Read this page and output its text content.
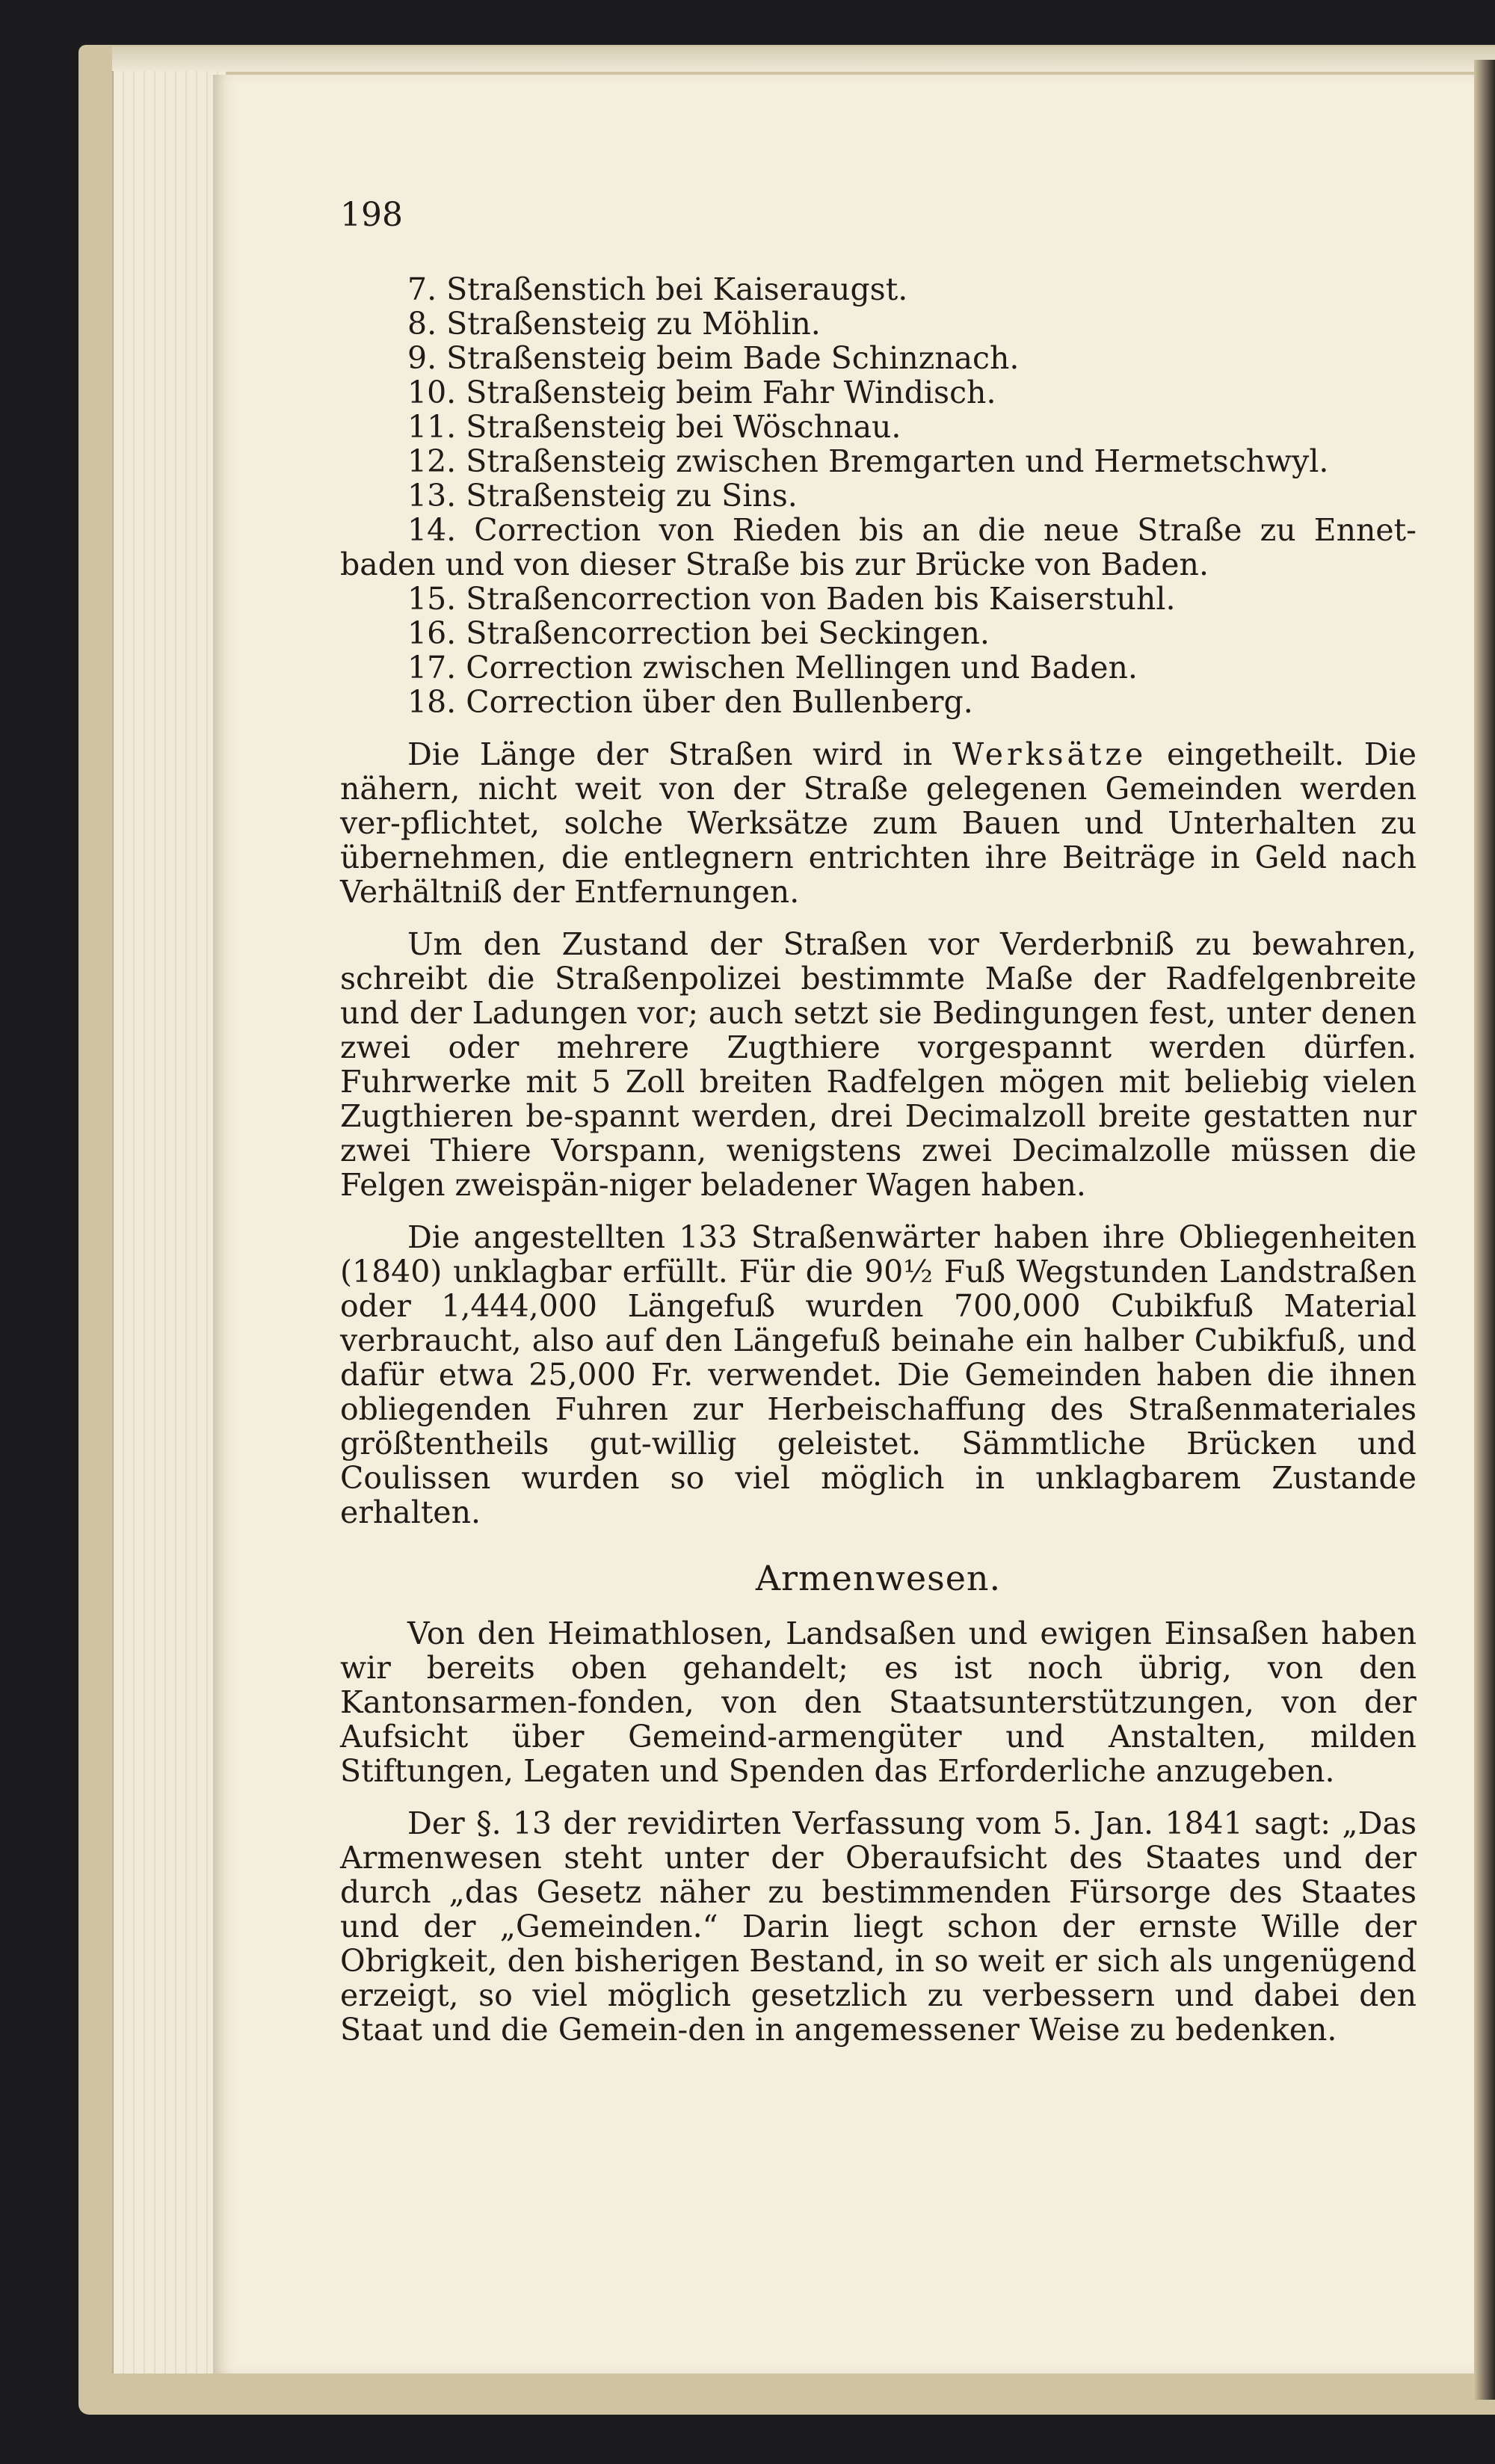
198
7. Straßenstich bei Kaiseraugst.
8. Straßensteig zu Möhlin.
9. Straßensteig beim Bade Schinznach.
10. Straßensteig beim Fahr Windisch.
11. Straßensteig bei Wöschnau.
12. Straßensteig zwischen Bremgarten und Hermetschwyl.
13. Straßensteig zu Sins.
14. Correction von Rieden bis an die neue Straße zu Ennet-baden und von dieser Straße bis zur Brücke von Baden.
15. Straßencorrection von Baden bis Kaiserstuhl.
16. Straßencorrection bei Seckingen.
17. Correction zwischen Mellingen und Baden.
18. Correction über den Bullenberg.

Die Länge der Straßen wird in Werksätze eingetheilt. Die nähern, nicht weit von der Straße gelegenen Gemeinden werden ver-pflichtet, solche Werksätze zum Bauen und Unterhalten zu übernehmen, die entlegnern entrichten ihre Beiträge in Geld nach Verhältniß der Entfernungen.

Um den Zustand der Straßen vor Verderbniß zu bewahren, schreibt die Straßenpolizei bestimmte Maße der Radfelgenbreite und der Ladungen vor; auch setzt sie Bedingungen fest, unter denen zwei oder mehrere Zugthiere vorgespannt werden dürfen. Fuhrwerke mit 5 Zoll breiten Radfelgen mögen mit beliebig vielen Zugthieren be-spannt werden, drei Decimalzoll breite gestatten nur zwei Thiere Vorspann, wenigstens zwei Decimalzolle müssen die Felgen zweispän-niger beladener Wagen haben.

Die angestellten 133 Straßenwärter haben ihre Obliegenheiten (1840) unklagbar erfüllt. Für die 90½ Fuß Wegstunden Landstraßen oder 1,444,000 Längefuß wurden 700,000 Cubikfuß Material verbraucht, also auf den Längefuß beinahe ein halber Cubikfuß, und dafür etwa 25,000 Fr. verwendet. Die Gemeinden haben die ihnen obliegenden Fuhren zur Herbeischaffung des Straßenmateriales größtentheils gut-willig geleistet. Sämmtliche Brücken und Coulissen wurden so viel möglich in unklagbarem Zustande erhalten.

Armenwesen.

Von den Heimathlosen, Landsaßen und ewigen Einsaßen haben wir bereits oben gehandelt; es ist noch übrig, von den Kantonsarmen-fonden, von den Staatsunterstützungen, von der Aufsicht über Gemeind-armengüter und Anstalten, milden Stiftungen, Legaten und Spenden das Erforderliche anzugeben.

Der §. 13 der revidirten Verfassung vom 5. Jan. 1841 sagt: „Das Armenwesen steht unter der Oberaufsicht des Staates und der durch „das Gesetz näher zu bestimmenden Fürsorge des Staates und der „Gemeinden.“ Darin liegt schon der ernste Wille der Obrigkeit, den bisherigen Bestand, in so weit er sich als ungenügend erzeigt, so viel möglich gesetzlich zu verbessern und dabei den Staat und die Gemein-den in angemessener Weise zu bedenken.
